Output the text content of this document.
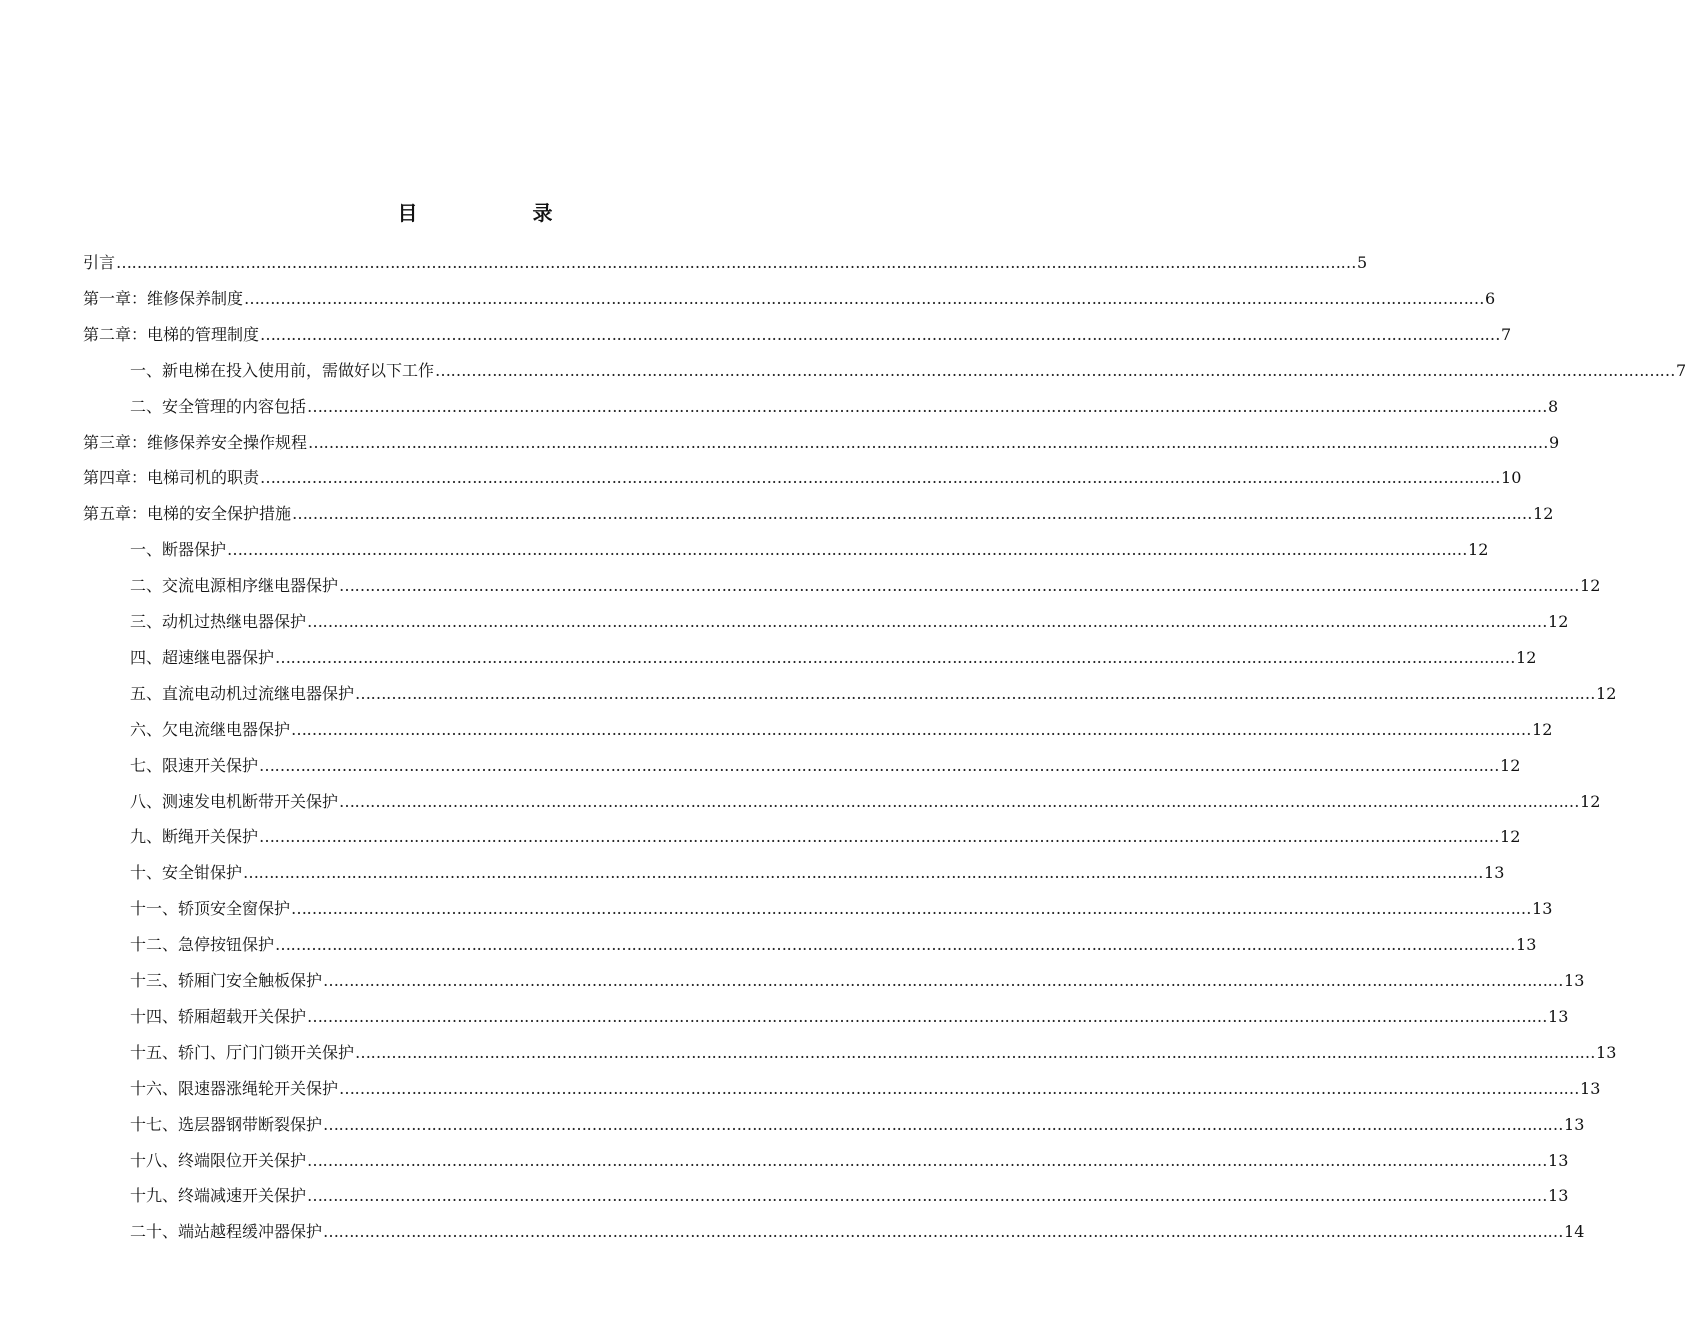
目 录
引言 …………………………………………………………………………………………………………………………………………………………………………………………………………………… 5
第一章：维修保养制度 …………………………………………………………………………………………………………………………………………………………………………………………………………………… 6
第二章：电梯的管理制度 …………………………………………………………………………………………………………………………………………………………………………………………………………………… 7
一、新电梯在投入使用前，需做好以下工作 …………………………………………………………………………………………………………………………………………………………………………………………………………………… 7
二、安全管理的内容包括 …………………………………………………………………………………………………………………………………………………………………………………………………………………… 8
第三章：维修保养安全操作规程 …………………………………………………………………………………………………………………………………………………………………………………………………………………… 9
第四章：电梯司机的职责 …………………………………………………………………………………………………………………………………………………………………………………………………………………… 10
第五章：电梯的安全保护措施 …………………………………………………………………………………………………………………………………………………………………………………………………………………… 12
一、断器保护 …………………………………………………………………………………………………………………………………………………………………………………………………………………… 12
二、交流电源相序继电器保护 …………………………………………………………………………………………………………………………………………………………………………………………………………………… 12
三、动机过热继电器保护 …………………………………………………………………………………………………………………………………………………………………………………………………………………… 12
四、超速继电器保护 …………………………………………………………………………………………………………………………………………………………………………………………………………………… 12
五、直流电动机过流继电器保护 …………………………………………………………………………………………………………………………………………………………………………………………………………………… 12
六、欠电流继电器保护 …………………………………………………………………………………………………………………………………………………………………………………………………………………… 12
七、限速开关保护 …………………………………………………………………………………………………………………………………………………………………………………………………………………… 12
八、测速发电机断带开关保护 …………………………………………………………………………………………………………………………………………………………………………………………………………………… 12
九、断绳开关保护 …………………………………………………………………………………………………………………………………………………………………………………………………………………… 12
十、安全钳保护 …………………………………………………………………………………………………………………………………………………………………………………………………………………… 13
十一、轿顶安全窗保护 …………………………………………………………………………………………………………………………………………………………………………………………………………………… 13
十二、急停按钮保护 …………………………………………………………………………………………………………………………………………………………………………………………………………………… 13
十三、轿厢门安全触板保护 …………………………………………………………………………………………………………………………………………………………………………………………………………………… 13
十四、轿厢超载开关保护 …………………………………………………………………………………………………………………………………………………………………………………………………………………… 13
十五、轿门、厅门门锁开关保护 …………………………………………………………………………………………………………………………………………………………………………………………………………………… 13
十六、限速器涨绳轮开关保护 …………………………………………………………………………………………………………………………………………………………………………………………………………………… 13
十七、选层器钢带断裂保护 …………………………………………………………………………………………………………………………………………………………………………………………………………………… 13
十八、终端限位开关保护 …………………………………………………………………………………………………………………………………………………………………………………………………………………… 13
十九、终端减速开关保护 …………………………………………………………………………………………………………………………………………………………………………………………………………………… 13
二十、端站越程缓冲器保护 …………………………………………………………………………………………………………………………………………………………………………………………………………………… 14
